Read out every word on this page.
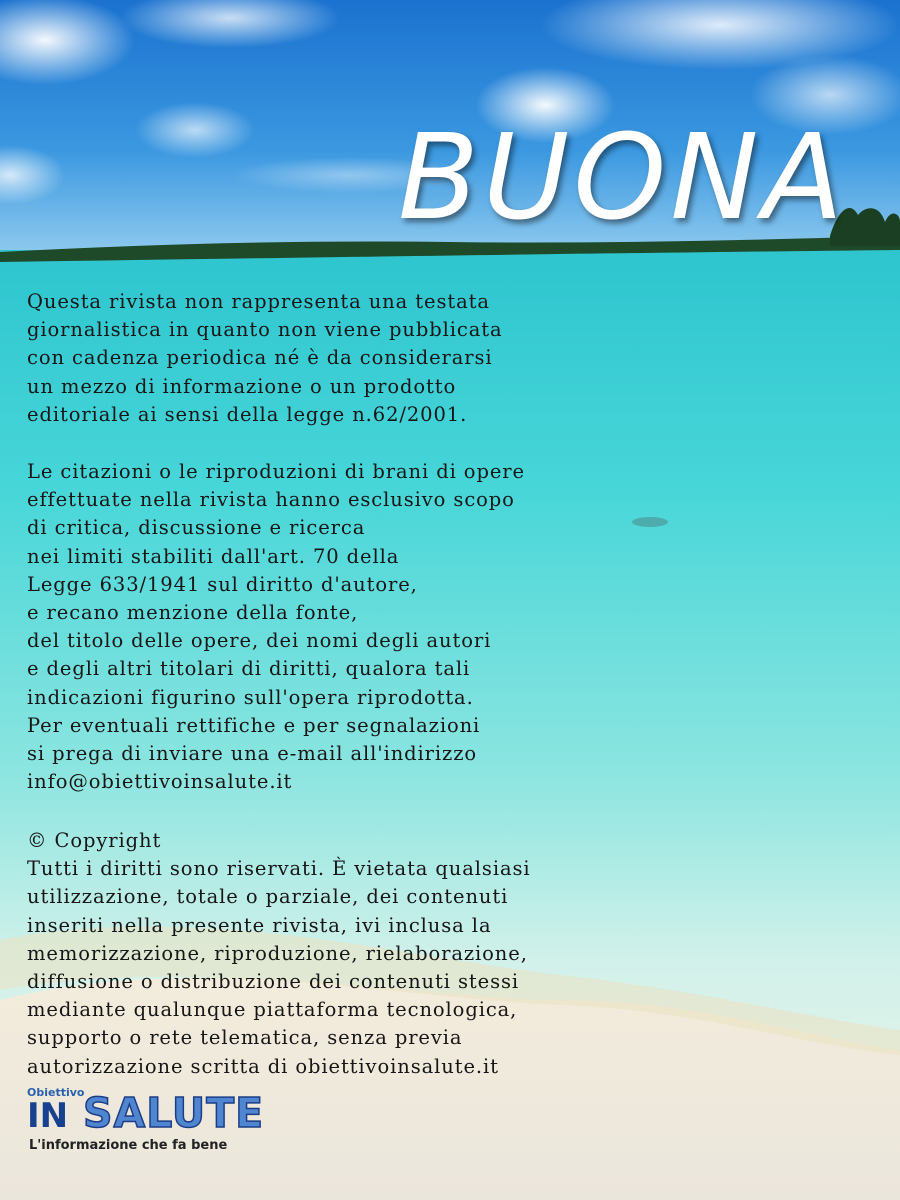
BUONA
Questa rivista non rappresenta una testata
giornalistica in quanto non viene pubblicata
con cadenza periodica né è da considerarsi
un mezzo di informazione o un prodotto
editoriale ai sensi della legge n.62/2001.
Le citazioni o le riproduzioni di brani di opere
effettuate nella rivista hanno esclusivo scopo
di critica, discussione e ricerca
nei limiti stabiliti dall'art. 70 della
Legge 633/1941 sul diritto d'autore,
e recano menzione della fonte,
del titolo delle opere, dei nomi degli autori
e degli altri titolari di diritti, qualora tali
indicazioni figurino sull'opera riprodotta.
Per eventuali rettifiche e per segnalazioni
si prega di inviare una e-mail all'indirizzo
info@obiettivoinsalute.it
© Copyright
Tutti i diritti sono riservati. È vietata qualsiasi
utilizzazione, totale o parziale, dei contenuti
inseriti nella presente rivista, ivi inclusa la
memorizzazione, riproduzione, rielaborazione,
diffusione o distribuzione dei contenuti stessi
mediante qualunque piattaforma tecnologica,
supporto o rete telematica, senza previa
autorizzazione scritta di obiettivoinsalute.it
Obiettivo
IN SALUTE
L'informazione che fa bene
